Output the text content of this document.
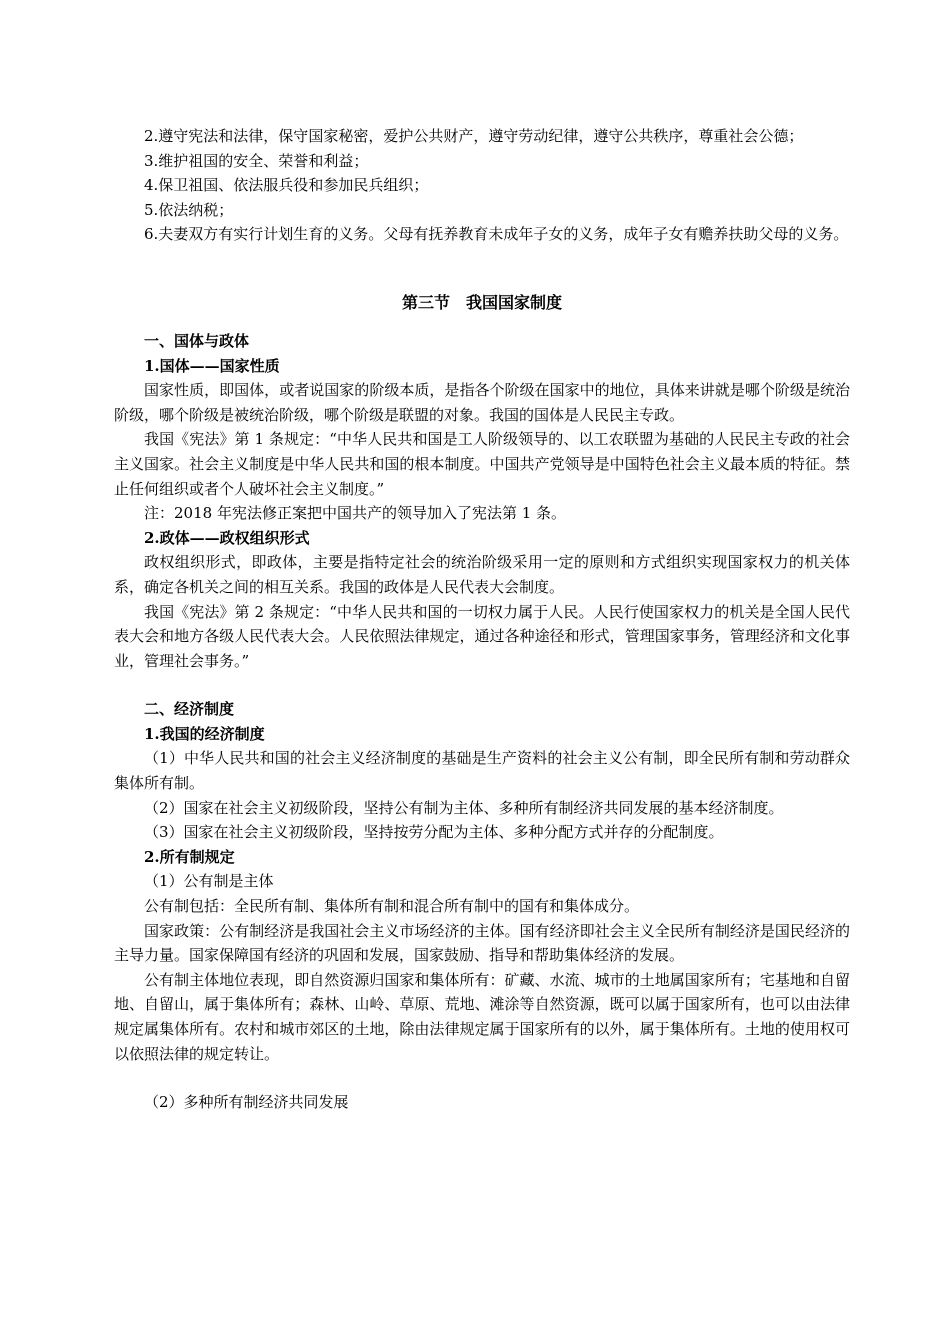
2.遵守宪法和法律，保守国家秘密，爱护公共财产，遵守劳动纪律，遵守公共秩序，尊重社会公德；

3.维护祖国的安全、荣誉和利益；

4.保卫祖国、依法服兵役和参加民兵组织；

5.依法纳税；

6.夫妻双方有实行计划生育的义务。父母有抚养教育未成年子女的义务，成年子女有赡养扶助父母的义务。

第三节　我国国家制度

一、国体与政体

1.国体——国家性质

国家性质，即国体，或者说国家的阶级本质，是指各个阶级在国家中的地位，具体来讲就是哪个阶级是统治阶级，哪个阶级是被统治阶级，哪个阶级是联盟的对象。我国的国体是人民民主专政。

我国《宪法》第 1 条规定：“中华人民共和国是工人阶级领导的、以工农联盟为基础的人民民主专政的社会主义国家。社会主义制度是中华人民共和国的根本制度。中国共产党领导是中国特色社会主义最本质的特征。禁止任何组织或者个人破坏社会主义制度。”

注：2018 年宪法修正案把中国共产的领导加入了宪法第 1 条。

2.政体——政权组织形式

政权组织形式，即政体，主要是指特定社会的统治阶级采用一定的原则和方式组织实现国家权力的机关体系，确定各机关之间的相互关系。我国的政体是人民代表大会制度。

我国《宪法》第 2 条规定：“中华人民共和国的一切权力属于人民。人民行使国家权力的机关是全国人民代表大会和地方各级人民代表大会。人民依照法律规定，通过各种途径和形式，管理国家事务，管理经济和文化事业，管理社会事务。”

二、经济制度

1.我国的经济制度

（1）中华人民共和国的社会主义经济制度的基础是生产资料的社会主义公有制，即全民所有制和劳动群众集体所有制。

（2）国家在社会主义初级阶段，坚持公有制为主体、多种所有制经济共同发展的基本经济制度。

（3）国家在社会主义初级阶段，坚持按劳分配为主体、多种分配方式并存的分配制度。

2.所有制规定

（1）公有制是主体

公有制包括：全民所有制、集体所有制和混合所有制中的国有和集体成分。

国家政策：公有制经济是我国社会主义市场经济的主体。国有经济即社会主义全民所有制经济是国民经济的主导力量。国家保障国有经济的巩固和发展，国家鼓励、指导和帮助集体经济的发展。

公有制主体地位表现，即自然资源归国家和集体所有：矿藏、水流、城市的土地属国家所有；宅基地和自留地、自留山，属于集体所有；森林、山岭、草原、荒地、滩涂等自然资源，既可以属于国家所有，也可以由法律规定属集体所有。农村和城市郊区的土地，除由法律规定属于国家所有的以外，属于集体所有。土地的使用权可以依照法律的规定转让。

（2）多种所有制经济共同发展
